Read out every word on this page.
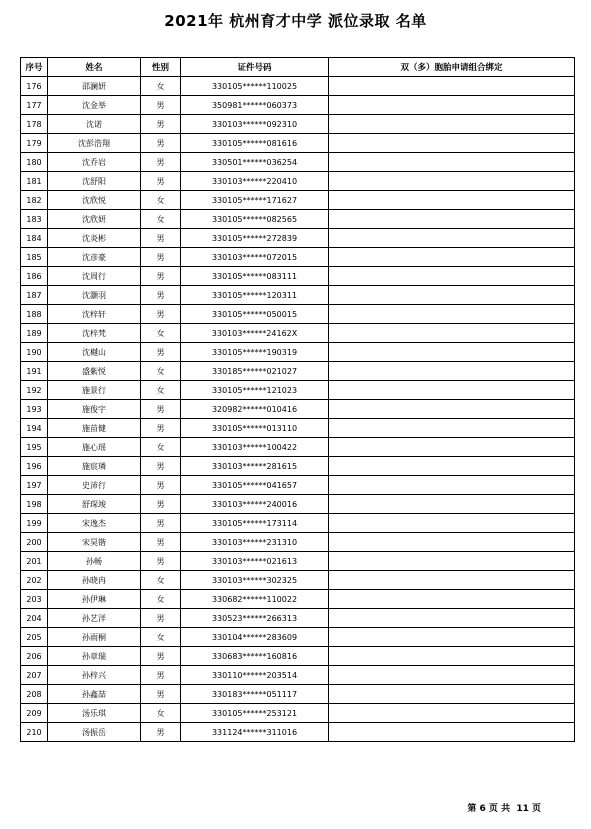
2021年 杭州育才中学 派位录取 名单
序号	姓名	性别	证件号码	双（多）胞胎申请组合绑定
176	邵澜妍	女	330105******110025	
177	沈金举	男	350981******060373	
178	沈诺	男	330103******092310	
179	沈彭浩翔	男	330105******081616	
180	沈乔岩	男	330501******036254	
181	沈舒阳	男	330103******220410	
182	沈欣悦	女	330105******171627	
183	沈欣妍	女	330105******082565	
184	沈炎彬	男	330105******272839	
185	沈彦豪	男	330103******072015	
186	沈周行	男	330105******083111	
187	沈灏羽	男	330105******120311	
188	沈梓轩	男	330105******050015	
189	沈梓梵	女	330103******24162X	
190	沈樾山	男	330105******190319	
191	盛紫悦	女	330185******021027	
192	施景行	女	330105******121023	
193	施俊宇	男	320982******010416	
194	施苗健	男	330105******013110	
195	施心瑶	女	330103******100422	
196	施宸璘	男	330103******281615	
197	史沛行	男	330105******041657	
198	舒琛竣	男	330103******240016	
199	宋逸杰	男	330105******173114	
200	宋昊锴	男	330103******231310	
201	孙畅	男	330103******021613	
202	孙晓冉	女	330103******302325	
203	孙伊琳	女	330682******110022	
204	孙艺洋	男	330523******266313	
205	孙雨桐	女	330104******283609	
206	孙章瑞	男	330683******160816	
207	孙梓兴	男	330110******203514	
208	孙鑫喆	男	330183******051117	
209	汤乐琪	女	330105******253121	
210	汤振岳	男	331124******311016	
第 6 页 共  11 页
